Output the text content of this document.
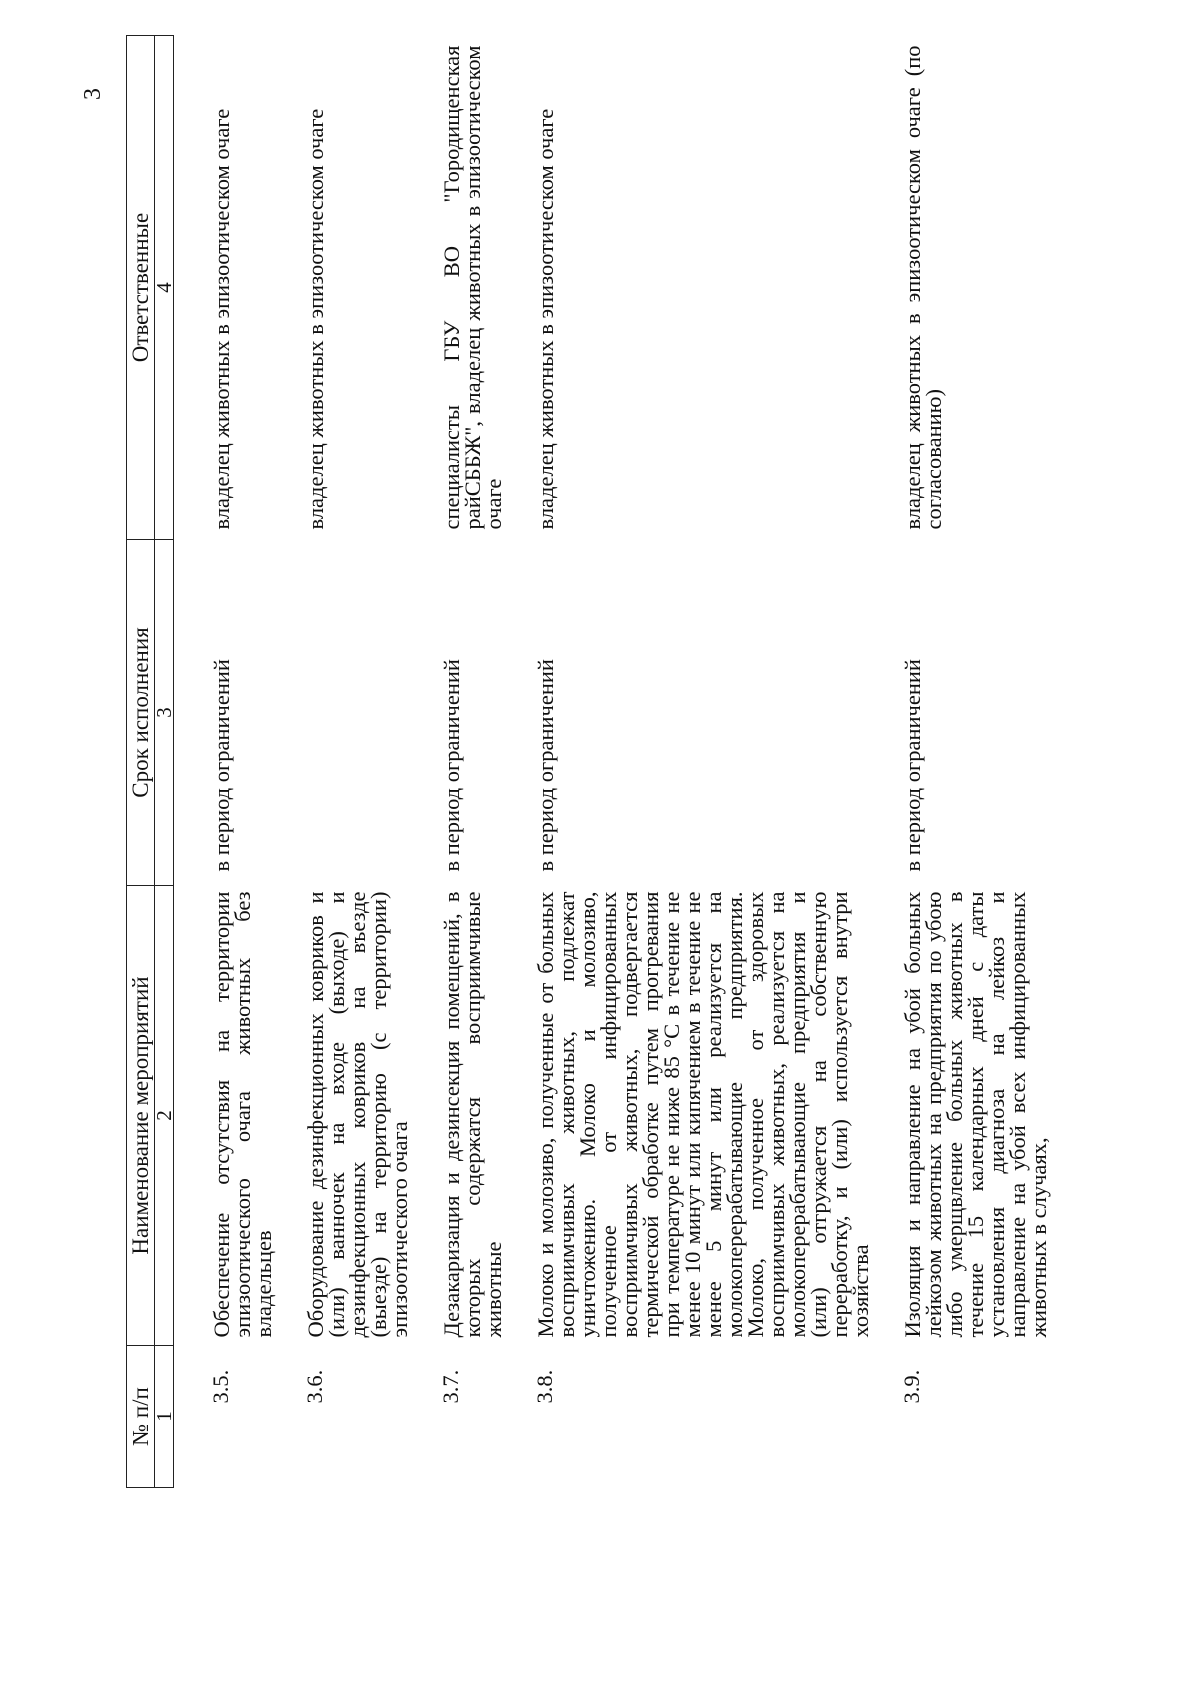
3
№ п/п	Наименование мероприятий	Срок исполнения	Ответственные
1	2	3	4

3.5.	Обеспечение отсутствия на территории эпизоотического очага животных без владельцев	в период ограничений	владелец животных в эпизоотическом очаге
3.6.	Оборудование дезинфекционных ковриков и (или) ванночек на входе (выходе) и дезинфекционных ковриков на въезде (выезде) на территорию (с территории) эпизоотического очага		владелец животных в эпизоотическом очаге
3.7.	Дезакаризация и дезинсекция помещений, в которых содержатся восприимчивые животные	в период ограничений	специалисты ГБУ ВО "Городищенская райСББЖ", владелец животных в эпизоотическом очаге
3.8.	Молоко и молозиво, полученные от больных восприимчивых животных, подлежат уничтожению. Молоко и молозиво, полученное от инфицированных восприимчивых животных, подвергается термической обработке путем прогревания при температуре не ниже 85 °С в течение не менее 10 минут или кипячением в течение не менее 5 минут или реализуется на молокоперерабатывающие предприятия. Молоко, полученное от здоровых восприимчивых животных, реализуется на молокоперерабатывающие предприятия и (или) отгружается на собственную переработку, и (или) используется внутри хозяйства	в период ограничений	владелец животных в эпизоотическом очаге
3.9.	Изоляция и направление на убой больных лейкозом животных на предприятия по убою либо умерщвление больных животных в течение 15 календарных дней с даты установления диагноза на лейкоз и направление на убой всех инфицированных животных в случаях,	в период ограничений	владелец животных в эпизоотическом очаге (по согласованию)
